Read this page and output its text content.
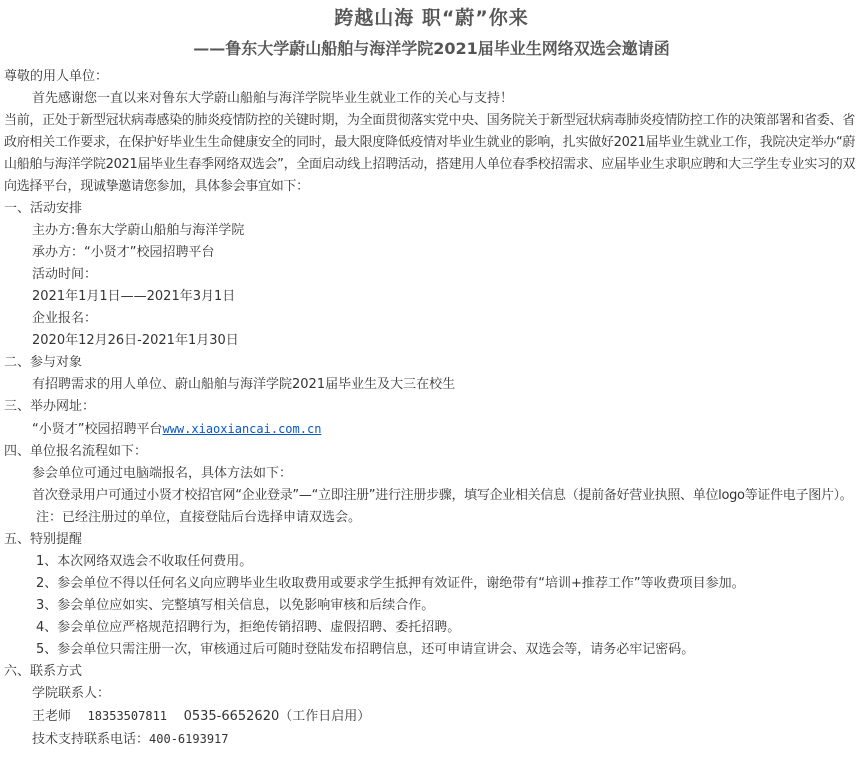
跨越山海 职“蔚”你来
——鲁东大学蔚山船舶与海洋学院2021届毕业生网络双选会邀请函

尊敬的用人单位：

首先感谢您一直以来对鲁东大学蔚山船舶与海洋学院毕业生就业工作的关心与支持！

当前，正处于新型冠状病毒感染的肺炎疫情防控的关键时期，为全面贯彻落实党中央、国务院关于新型冠状病毒肺炎疫情防控工作的决策部署和省委、省政府相关工作要求，在保护好毕业生生命健康安全的同时，最大限度降低疫情对毕业生就业的影响，扎实做好2021届毕业生就业工作，我院决定举办“蔚山船舶与海洋学院2021届毕业生春季网络双选会”，全面启动线上招聘活动，搭建用人单位春季校招需求、应届毕业生求职应聘和大三学生专业实习的双向选择平台，现诚挚邀请您参加，具体参会事宜如下：

一、活动安排

主办方:鲁东大学蔚山船舶与海洋学院

承办方：“小贤才”校园招聘平台

活动时间：

2021年1月1日——2021年3月1日

企业报名：

2020年12月26日-2021年1月30日

二、参与对象

有招聘需求的用人单位、蔚山船舶与海洋学院2021届毕业生及大三在校生

三、举办网址：

“小贤才”校园招聘平台www.xiaoxiancai.com.cn

四、单位报名流程如下：

参会单位可通过电脑端报名，具体方法如下：

首次登录用户可通过小贤才校招官网“企业登录”—“立即注册”进行注册步骤，填写企业相关信息（提前备好营业执照、单位logo等证件电子图片）。

注：已经注册过的单位，直接登陆后台选择申请双选会。

五、特别提醒

1、本次网络双选会不收取任何费用。

2、参会单位不得以任何名义向应聘毕业生收取费用或要求学生抵押有效证件，谢绝带有“培训+推荐工作”等收费项目参加。

3、参会单位应如实、完整填写相关信息，以免影响审核和后续合作。

4、参会单位应严格规范招聘行为，拒绝传销招聘、虚假招聘、委托招聘。

5、参会单位只需注册一次，审核通过后可随时登陆发布招聘信息，还可申请宣讲会、双选会等，请务必牢记密码。

六、联系方式

学院联系人：

王老师 18353507811 0535-6652620（工作日启用）

技术支持联系电话：400-6193917
